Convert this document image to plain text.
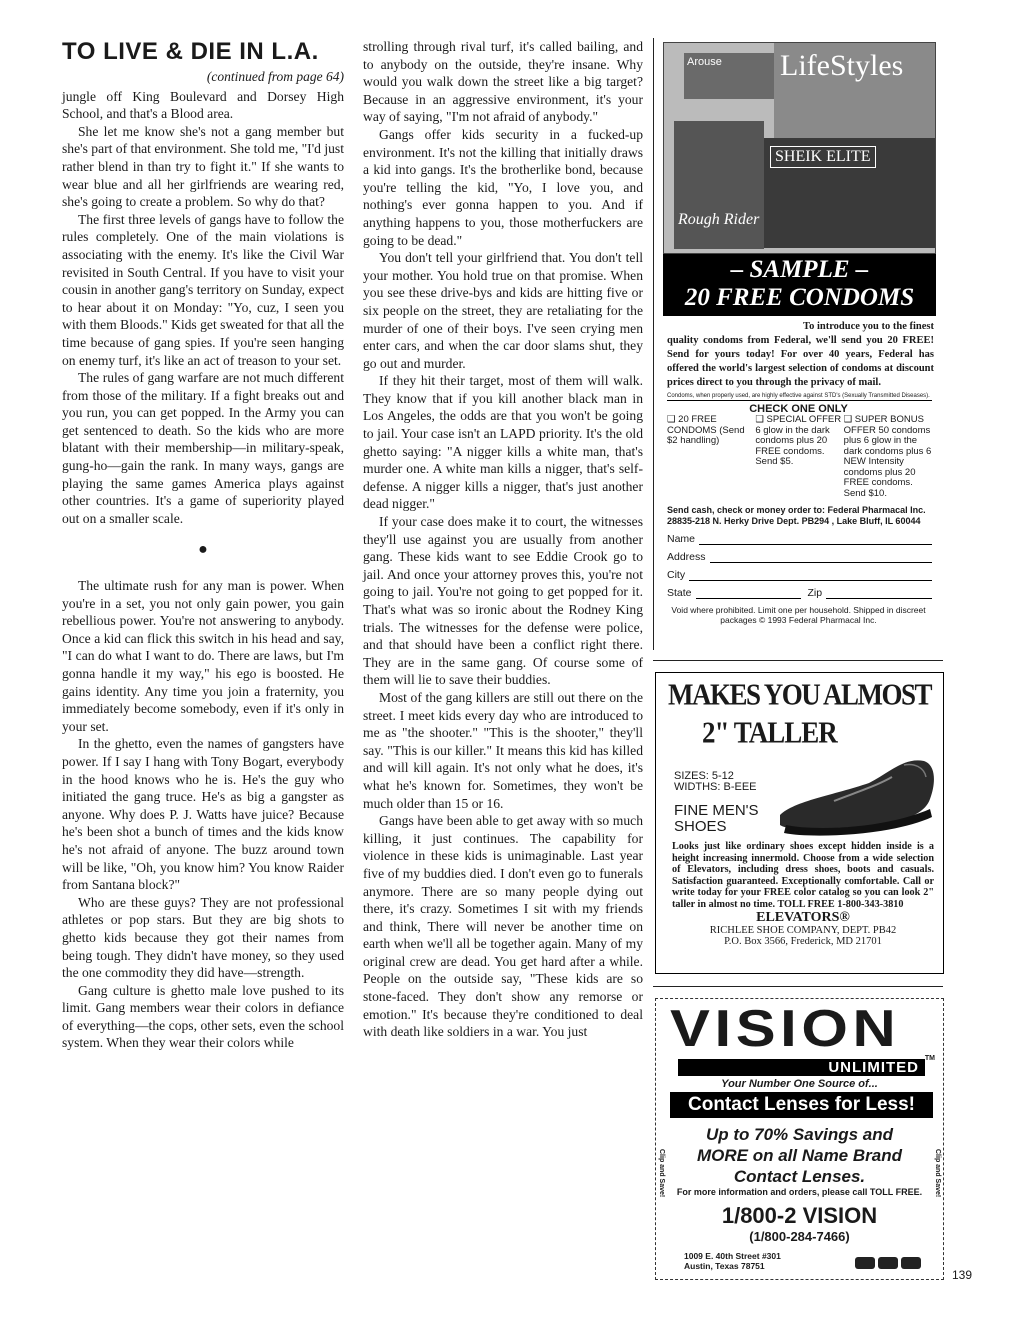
TO LIVE & DIE IN L.A.
(continued from page 64)

jungle off King Boulevard and Dorsey High School, and that's a Blood area.

She let me know she's not a gang member but she's part of that environment. She told me, "I'd just rather blend in than try to fight it." If she wants to wear blue and all her girlfriends are wearing red, she's going to create a problem. So why do that?

The first three levels of gangs have to follow the rules completely. One of the main violations is associating with the enemy. It's like the Civil War revisited in South Central. If you have to visit your cousin in another gang's territory on Sunday, expect to hear about it on Monday: "Yo, cuz, I seen you with them Bloods." Kids get sweated for that all the time because of gang spies. If you're seen hanging on enemy turf, it's like an act of treason to your set.

The rules of gang warfare are not much different from those of the military. If a fight breaks out and you run, you can get popped. In the Army you can get sentenced to death. So the kids who are more blatant with their membership—in military-speak, gung-ho—gain the rank. In many ways, gangs are playing the same games America plays against other countries. It's a game of superiority played out on a smaller scale.

●

The ultimate rush for any man is power. When you're in a set, you not only gain power, you gain rebellious power. You're not answering to anybody. Once a kid can flick this switch in his head and say, "I can do what I want to do. There are laws, but I'm gonna handle it my way," his ego is boosted. He gains identity. Any time you join a fraternity, you immediately become somebody, even if it's only in your set.

In the ghetto, even the names of gangsters have power. If I say I hang with Tony Bogart, everybody in the hood knows who he is. He's the guy who initiated the gang truce. He's as big a gangster as anyone. Why does P. J. Watts have juice? Because he's been shot a bunch of times and the kids know he's not afraid of anyone. The buzz around town will be like, "Oh, you know him? You know Raider from Santana block?"

Who are these guys? They are not professional athletes or pop stars. But they are big shots to ghetto kids because they got their names from being tough. They didn't have money, so they used the one commodity they did have—strength.

Gang culture is ghetto male love pushed to its limit. Gang members wear their colors in defiance of everything—the cops, other sets, even the school system. When they wear their colors while

strolling through rival turf, it's called bailing, and to anybody on the outside, they're insane. Why would you walk down the street like a big target? Because in an aggressive environment, it's your way of saying, "I'm not afraid of anybody."

Gangs offer kids security in a fucked-up environment. It's not the killing that initially draws a kid into gangs. It's the brotherlike bond, because you're telling the kid, "Yo, I love you, and nothing's ever gonna happen to you. And if anything happens to you, those motherfuckers are going to be dead."

You don't tell your girlfriend that. You don't tell your mother. You hold true on that promise. When you see these drive-bys and kids are hitting five or six people on the street, they are retaliating for the murder of one of their boys. I've seen crying men enter cars, and when the car door slams shut, they go out and murder.

If they hit their target, most of them will walk. They know that if you kill another black man in Los Angeles, the odds are that you won't be going to jail. Your case isn't an LAPD priority. It's the old ghetto saying: "A nigger kills a white man, that's murder one. A white man kills a nigger, that's self-defense. A nigger kills a nigger, that's just another dead nigger."

If your case does make it to court, the witnesses they'll use against you are usually from another gang. These kids want to see Eddie Crook go to jail. And once your attorney proves this, you're not going to jail. You're not going to get popped for it. That's what was so ironic about the Rodney King trials. The witnesses for the defense were police, and that should have been a conflict right there. They are in the same gang. Of course some of them will lie to save their buddies.

Most of the gang killers are still out there on the street. I meet kids every day who are introduced to me as "the shooter." "This is the shooter," they'll say. "This is our killer." It means this kid has killed and will kill again. It's not only what he does, it's what he's known for. Sometimes, they won't be much older than 15 or 16.

Gangs have been able to get away with so much killing, it just continues. The capability for violence in these kids is unimaginable. Last year five of my buddies died. I don't even go to funerals anymore. There are so many people dying out there, it's crazy. Sometimes I sit with my friends and think, There will never be another time on earth when we'll all be together again. Many of my original crew are dead. You get hard after a while. People on the outside say, "These kids are so stone-faced. They don't show any remorse or emotion." It's because they're conditioned to deal with death like soldiers in a war. You just

Arouse	LifeStyles
Rough Rider
SHEIK ELITE
– SAMPLE –
20 FREE CONDOMS
To introduce you to the finest
quality condoms from Federal, we'll send you 20 FREE! Send for yours today! For over 40 years, Federal has offered the world's largest selection of condoms at discount prices direct to you through the privacy of mail.
Condoms, when properly used, are highly effective against STD's (Sexually Transmitted Diseases).
CHECK ONE ONLY
❑ 20 FREE CONDOMS (Send $2 handling)
❑ SPECIAL OFFER 6 glow in the dark condoms plus 20 FREE condoms. Send $5.
❑ SUPER BONUS OFFER 50 condoms plus 6 glow in the dark condoms plus 6 NEW Intensity condoms plus 20 FREE condoms. Send $10.
Send cash, check or money order to: Federal Pharmacal Inc. 28835-218 N. Herky Drive Dept. PB294 , Lake Bluff, IL 60044
Name
Address
City
State	Zip
Void where prohibited. Limit one per household. Shipped in discreet packages © 1993 Federal Pharmacal Inc.
MAKES YOU ALMOST
2" TALLER
SIZES: 5-12
WIDTHS: B-EEE
FINE MEN'S
SHOES
Looks just like ordinary shoes except hidden inside is a height increasing innermold. Choose from a wide selection of Elevators, including dress shoes, boots and casuals. Satisfaction guaranteed. Exceptionally comfortable. Call or write today for your FREE color catalog so you can look 2" taller in almost no time. TOLL FREE 1-800-343-3810
ELEVATORS®
RICHLEE SHOE COMPANY, DEPT. PB42
P.O. Box 3566, Frederick, MD 21701
VISION
UNLIMITED
TM
Your Number One Source of...
Contact Lenses for Less!
Up to 70% Savings and
MORE on all Name Brand
Contact Lenses.
For more information and orders, please call TOLL FREE.
1/800-2 VISION
(1/800-284-7466)
1009 E. 40th Street #301
Austin, Texas 78751
Clip and Save!	Clip and Save!
139
